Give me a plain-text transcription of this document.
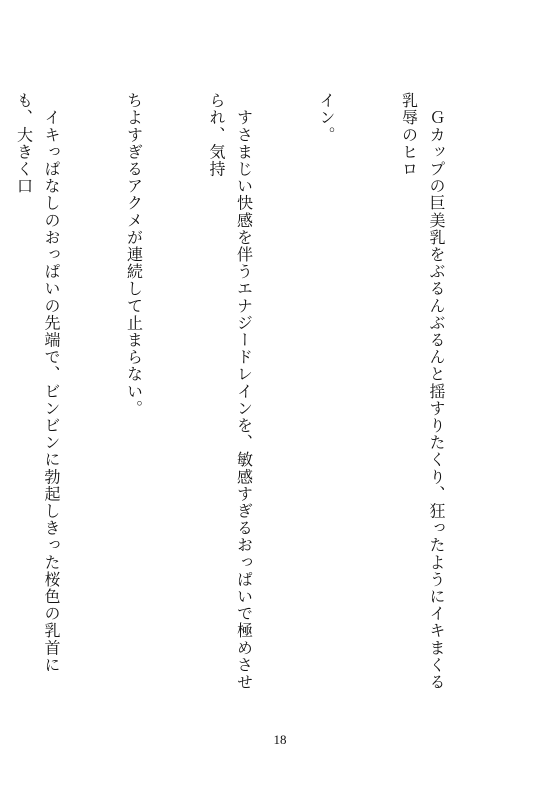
　Ｇカップの巨美乳をぶるんぶるんと揺すりたくり、狂ったようにイキまくる乳辱のヒロ

イン。

　すさまじい快感を伴うエナジードレインを、敏感すぎるおっぱいで極めさせられ、気持

ちよすぎるアクメが連続して止まらない。

　イキっぱなしのおっぱいの先端で、ビンビンに勃起しきった桜色の乳首にも、大きく口

18
